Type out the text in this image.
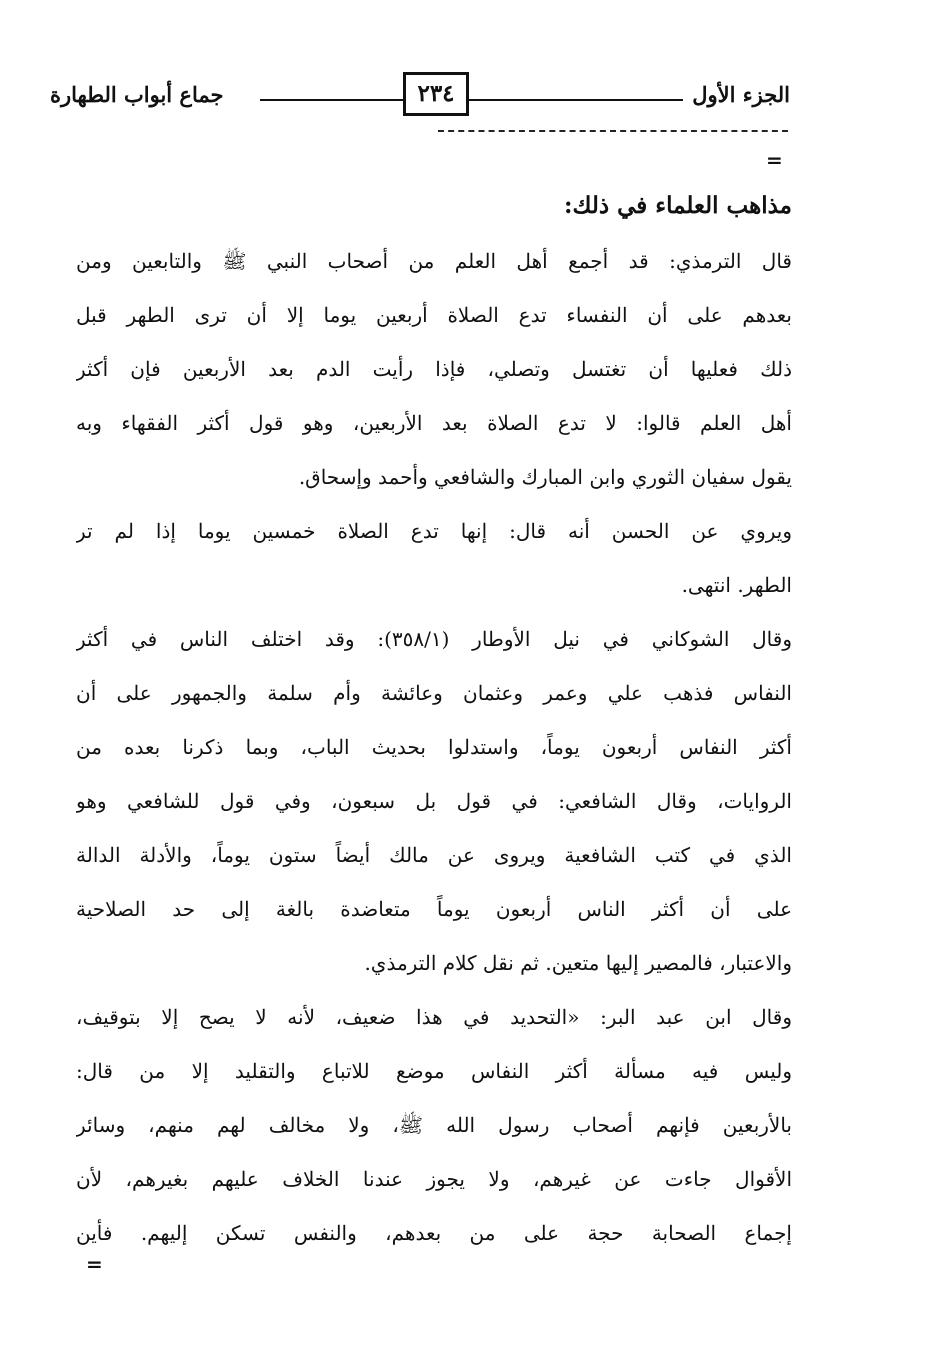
جماع أبواب الطهارة	٢٣٤	الجزء الأول
=
مذاهب العلماء في ذلك:
قال الترمذي: قد أجمع أهل العلم من أصحاب النبي ﷺ والتابعين ومن
بعدهم على أن النفساء تدع الصلاة أربعين يوما إلا أن ترى الطهر قبل
ذلك فعليها أن تغتسل وتصلي، فإذا رأيت الدم بعد الأربعين فإن أكثر
أهل العلم قالوا: لا تدع الصلاة بعد الأربعين، وهو قول أكثر الفقهاء وبه
يقول سفيان الثوري وابن المبارك والشافعي وأحمد وإسحاق.
ويروي عن الحسن أنه قال: إنها تدع الصلاة خمسين يوما إذا لم تر
الطهر. انتهى.
وقال الشوكاني في نيل الأوطار (٣٥٨/١): وقد اختلف الناس في أكثر
النفاس فذهب علي وعمر وعثمان وعائشة وأم سلمة والجمهور على أن
أكثر النفاس أربعون يوماً، واستدلوا بحديث الباب، وبما ذكرنا بعده من
الروايات، وقال الشافعي: في قول بل سبعون، وفي قول للشافعي وهو
الذي في كتب الشافعية ويروى عن مالك أيضاً ستون يوماً، والأدلة الدالة
على أن أكثر الناس أربعون يوماً متعاضدة بالغة إلى حد الصلاحية
والاعتبار، فالمصير إليها متعين. ثم نقل كلام الترمذي.
وقال ابن عبد البر: «التحديد في هذا ضعيف، لأنه لا يصح إلا بتوقيف،
وليس فيه مسألة أكثر النفاس موضع للاتباع والتقليد إلا من قال:
بالأربعين فإنهم أصحاب رسول الله ﷺ، ولا مخالف لهم منهم، وسائر
الأقوال جاءت عن غيرهم، ولا يجوز عندنا الخلاف عليهم بغيرهم، لأن
إجماع الصحابة حجة على من بعدهم، والنفس تسكن إليهم. فأين
=
